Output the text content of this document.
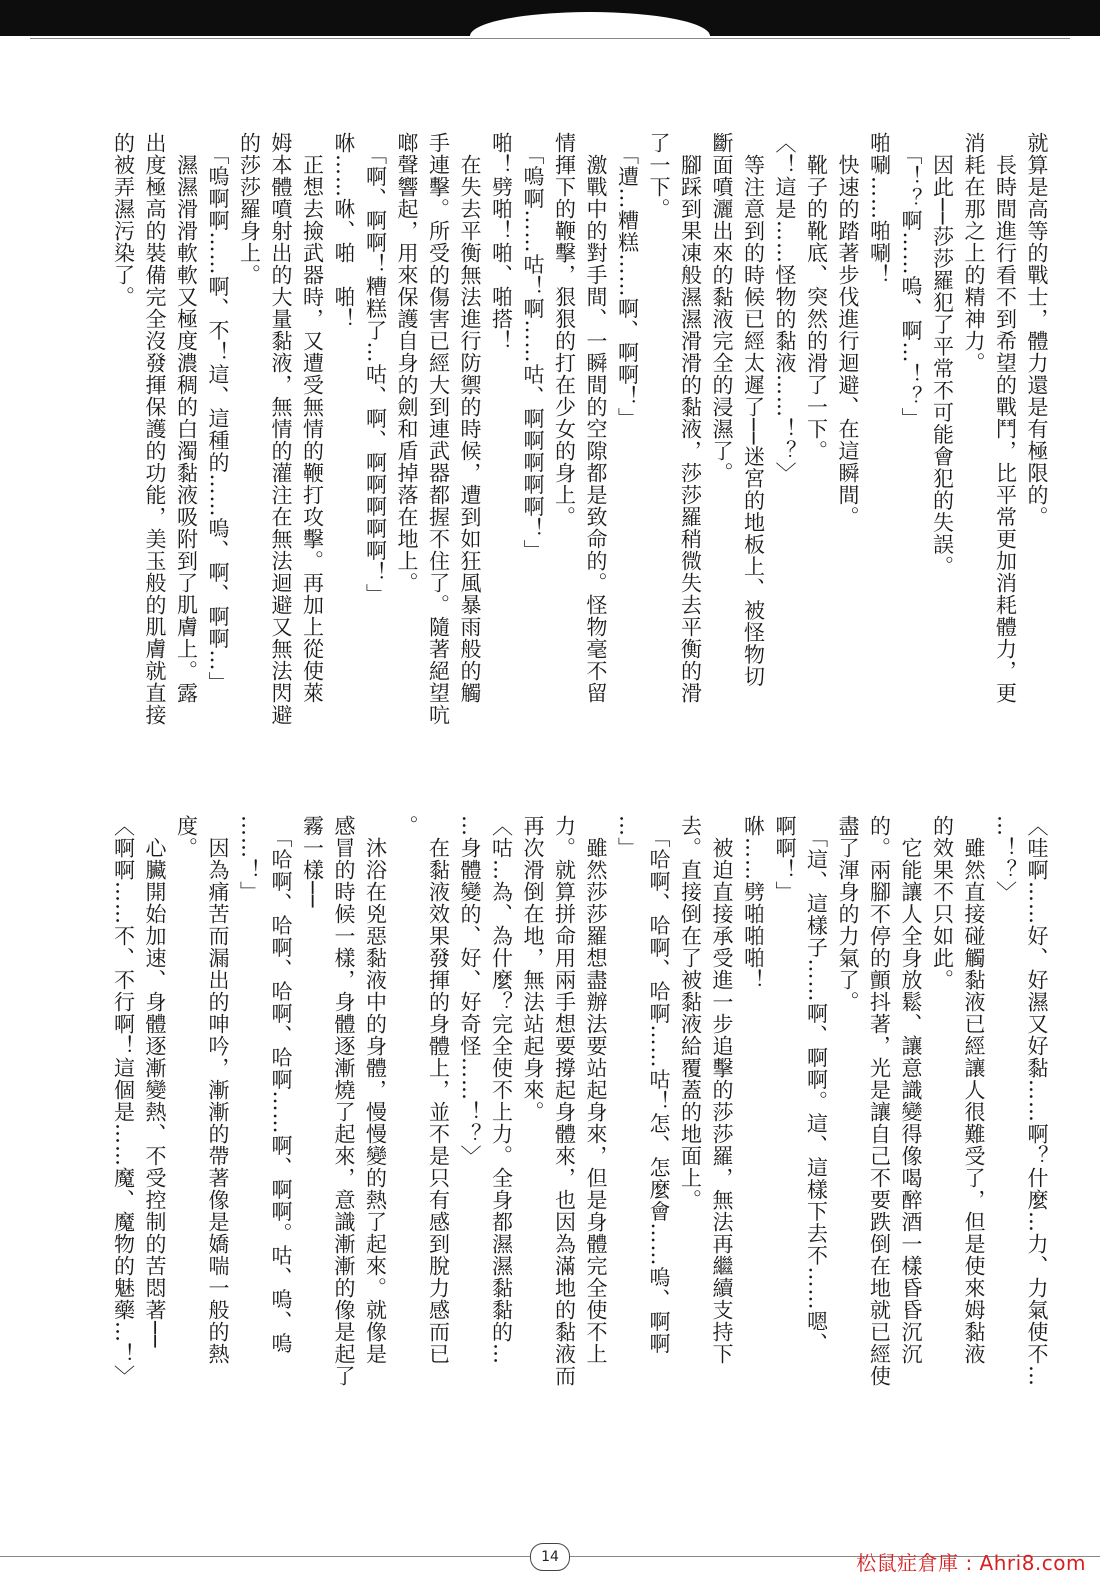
就算是高等的戰士，體力還是有極限的。

　長時間進行看不到希望的戰鬥，比平常更加消耗體力，更

消耗在那之上的精神力。

　因此──莎莎羅犯了平常不可能會犯的失誤。

　「！？啊……嗚、啊…！？」

啪唰……啪唰！

　快速的踏著步伐進行迴避、在這瞬間。

　靴子的靴底、突然的滑了一下。

〈！這是……怪物的黏液……！？〉

　等注意到的時候已經太遲了──迷宮的地板上、被怪物切

斷面噴灑出來的黏液完全的浸濕了。

　腳踩到果凍般濕濕滑滑的黏液，莎莎羅稍微失去平衡的滑

了一下。

　「遭…糟糕……啊、啊啊！」

　激戰中的對手間、一瞬間的空隙都是致命的。怪物毫不留

情揮下的鞭擊，狠狠的打在少女的身上。

　「嗚啊……咕！啊……咕、啊啊啊啊啊！」

啪！劈啪！啪、啪搭！

　在失去平衡無法進行防禦的時候，遭到如狂風暴雨般的觸

手連擊。所受的傷害已經大到連武器都握不住了。隨著絕望吭

啷聲響起，用來保護自身的劍和盾掉落在地上。

　「啊、啊啊！糟糕了…咕、啊、啊啊啊啊啊！」

咻……咻、啪　啪！

　正想去撿武器時，又遭受無情的鞭打攻擊。再加上從使萊

姆本體噴射出的大量黏液，無情的灌注在無法迴避又無法閃避

的莎莎羅身上。

　「嗚啊啊……啊、不！這、這種的……嗚、啊、啊啊…」

　濕濕滑滑軟軟又極度濃稠的白濁黏液吸附到了肌膚上。露

出度極高的裝備完全沒發揮保護的功能，美玉般的肌膚就直接

的被弄濕污染了。

〈哇啊……好、好濕又好黏……啊？什麼…力、力氣使不…

…！？〉

　雖然直接碰觸黏液已經讓人很難受了，但是使來姆黏液

的效果不只如此。

　它能讓人全身放鬆、讓意識變得像喝醉酒一樣昏昏沉沉

的。兩腳不停的顫抖著，光是讓自己不要跌倒在地就已經使

盡了渾身的力氣了。

　「這、這樣子……啊、啊啊。這、這樣下去不……嗯、

啊啊！」

咻……劈啪啪啪！

　被迫直接承受進一步追擊的莎莎羅，無法再繼續支持下

去。直接倒在了被黏液給覆蓋的地面上。

　「哈啊、哈啊、哈啊……咕！怎、怎麼會……嗚、啊啊

…」

　雖然莎莎羅想盡辦法要站起身來，但是身體完全使不上

力。就算拼命用兩手想要撐起身體來，也因為滿地的黏液而

再次滑倒在地，無法站起身來。

〈咕…為、為什麼？完全使不上力。全身都濕濕黏黏的…

…身體變的、好、好奇怪……！？〉

　在黏液效果發揮的身體上，並不是只有感到脫力感而已

。

　沐浴在兇惡黏液中的身體，慢慢變的熱了起來。就像是

感冒的時候一樣，身體逐漸燒了起來，意識漸漸的像是起了

霧一樣──

　「哈啊、哈啊、哈啊、哈啊……啊、啊啊。咕、嗚、嗚

……！」

　因為痛苦而漏出的呻吟，漸漸的帶著像是嬌喘一般的熱

度。

　心臟開始加速、身體逐漸變熱、不受控制的苦悶著──

〈啊啊……不、不行啊！這個是……魔、魔物的魅藥…！〉

14	松鼠症倉庫 : Ahri8.com
